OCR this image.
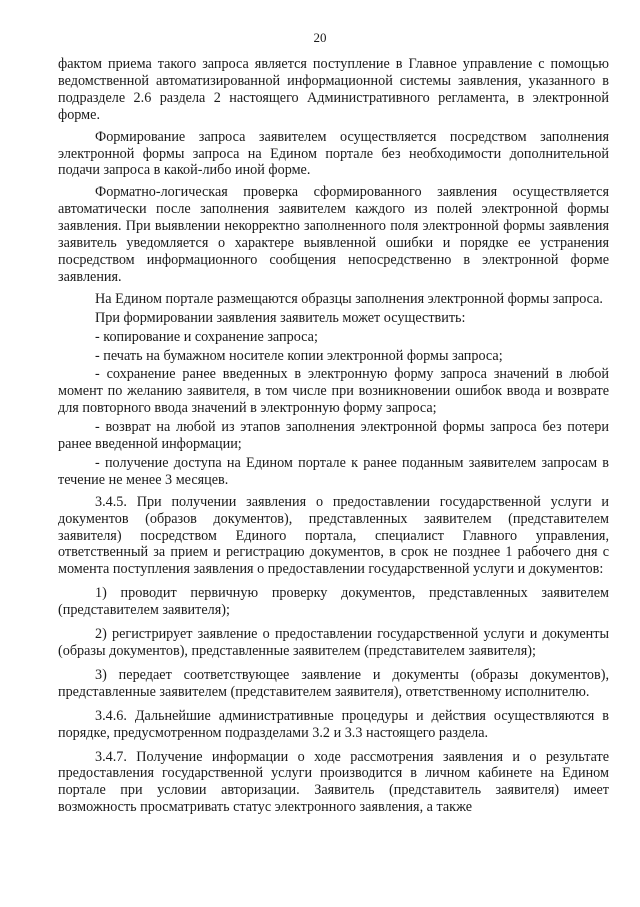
20

фактом приема такого запроса является поступление в Главное управление с помощью ведомственной автоматизированной информационной системы заявления, указанного в подразделе 2.6 раздела 2 настоящего Административного регламента, в электронной форме.

Формирование запроса заявителем осуществляется посредством заполнения электронной формы запроса на Едином портале без необходимости дополнительной подачи запроса в какой-либо иной форме.

Форматно-логическая проверка сформированного заявления осуществляется автоматически после заполнения заявителем каждого из полей электронной формы заявления. При выявлении некорректно заполненного поля электронной формы заявления заявитель уведомляется о характере выявленной ошибки и порядке ее устранения посредством информационного сообщения непосредственно в электронной форме заявления.

На Едином портале размещаются образцы заполнения электронной формы запроса.

При формировании заявления заявитель может осуществить:

- копирование и сохранение запроса;

- печать на бумажном носителе копии электронной формы запроса;

- сохранение ранее введенных в электронную форму запроса значений в любой момент по желанию заявителя, в том числе при возникновении ошибок ввода и возврате для повторного ввода значений в электронную форму запроса;

- возврат на любой из этапов заполнения электронной формы запроса без потери ранее введенной информации;

- получение доступа на Едином портале к ранее поданным заявителем запросам в течение не менее 3 месяцев.

3.4.5. При получении заявления о предоставлении государственной услуги и документов (образов документов), представленных заявителем (представителем заявителя) посредством Единого портала, специалист Главного управления, ответственный за прием и регистрацию документов, в срок не позднее 1 рабочего дня с момента поступления заявления о предоставлении государственной услуги и документов:

1) проводит первичную проверку документов, представленных заявителем (представителем заявителя);

2) регистрирует заявление о предоставлении государственной услуги и документы (образы документов), представленные заявителем (представителем заявителя);

3) передает соответствующее заявление и документы (образы документов), представленные заявителем (представителем заявителя), ответственному исполнителю.

3.4.6. Дальнейшие административные процедуры и действия осуществляются в порядке, предусмотренном подразделами 3.2 и 3.3 настоящего раздела.

3.4.7. Получение информации о ходе рассмотрения заявления и о результате предоставления государственной услуги производится в личном кабинете на Едином портале при условии авторизации. Заявитель (представитель заявителя) имеет возможность просматривать статус электронного заявления, а также
